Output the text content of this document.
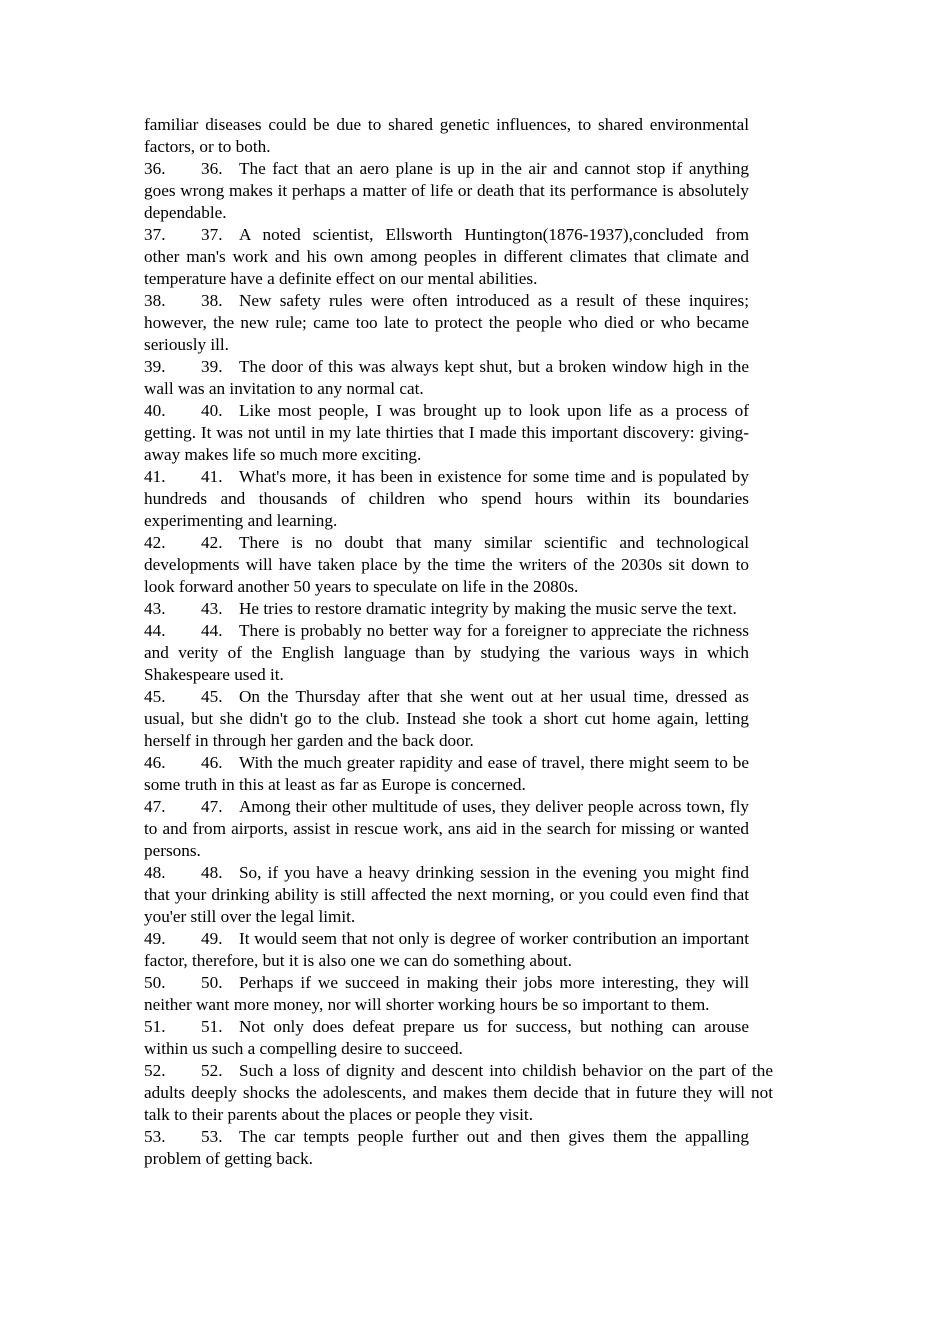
familiar diseases could be due to shared genetic influences, to shared environmental factors, or to both.

36. 36. The fact that an aero plane is up in the air and cannot stop if anything goes wrong makes it perhaps a matter of life or death that its performance is absolutely dependable.

37. 37. A noted scientist, Ellsworth Huntington(1876-1937),concluded from other man's work and his own among peoples in different climates that climate and temperature have a definite effect on our mental abilities.

38. 38. New safety rules were often introduced as a result of these inquires; however, the new rule; came too late to protect the people who died or who became seriously ill.

39. 39. The door of this was always kept shut, but a broken window high in the wall was an invitation to any normal cat.

40. 40. Like most people, I was brought up to look upon life as a process of getting. It was not until in my late thirties that I made this important discovery: giving-away makes life so much more exciting.

41. 41. What's more, it has been in existence for some time and is populated by hundreds and thousands of children who spend hours within its boundaries experimenting and learning.

42. 42. There is no doubt that many similar scientific and technological developments will have taken place by the time the writers of the 2030s sit down to look forward another 50 years to speculate on life in the 2080s.

43. 43. He tries to restore dramatic integrity by making the music serve the text.

44. 44. There is probably no better way for a foreigner to appreciate the richness and verity of the English language than by studying the various ways in which Shakespeare used it.

45. 45. On the Thursday after that she went out at her usual time, dressed as usual, but she didn't go to the club. Instead she took a short cut home again, letting herself in through her garden and the back door.

46. 46. With the much greater rapidity and ease of travel, there might seem to be some truth in this at least as far as Europe is concerned.

47. 47. Among their other multitude of uses, they deliver people across town, fly to and from airports, assist in rescue work, ans aid in the search for missing or wanted persons.

48. 48. So, if you have a heavy drinking session in the evening you might find that your drinking ability is still affected the next morning, or you could even find that you'er still over the legal limit.

49. 49. It would seem that not only is degree of worker contribution an important factor, therefore, but it is also one we can do something about.

50. 50. Perhaps if we succeed in making their jobs more interesting, they will neither want more money, nor will shorter working hours be so important to them.

51. 51. Not only does defeat prepare us for success, but nothing can arouse within us such a compelling desire to succeed.

52. 52. Such a loss of dignity and descent into childish behavior on the part of the adults deeply shocks the adolescents, and makes them decide that in future they will not talk to their parents about the places or people they visit.

53. 53. The car tempts people further out and then gives them the appalling problem of getting back.
